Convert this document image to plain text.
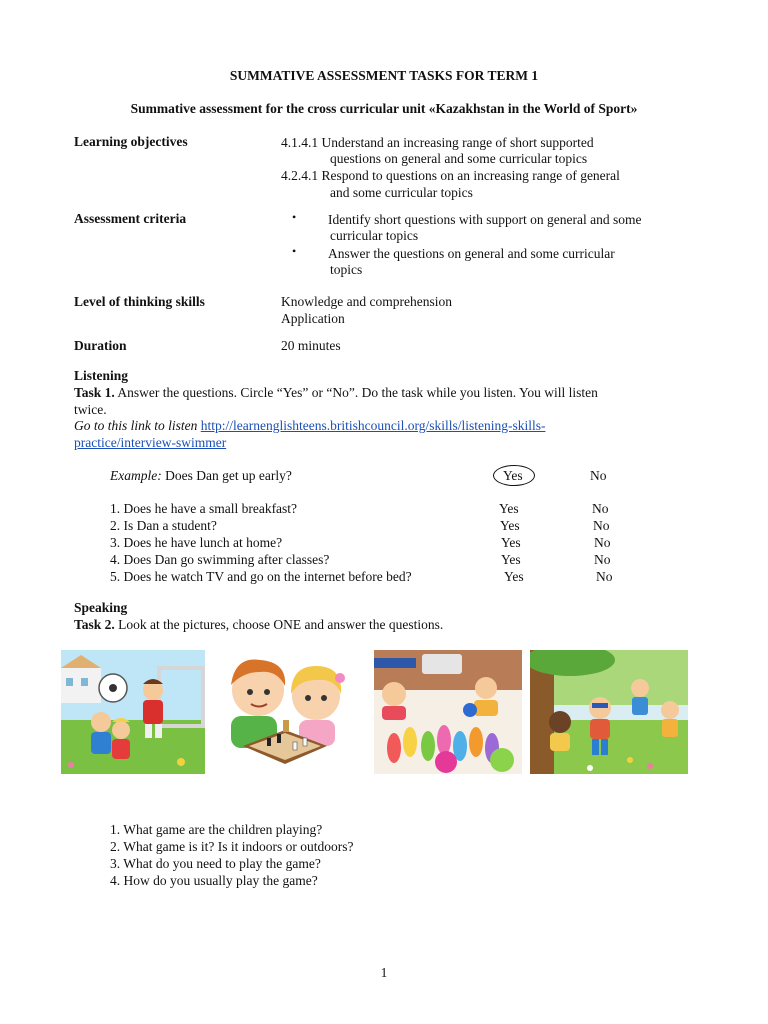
SUMMATIVE ASSESSMENT TASKS FOR TERM 1
Summative assessment for the cross curricular unit «Kazakhstan in the World of Sport»
Learning objectives	4.1.4.1 Understand an increasing range of short supported
questions on general and some curricular topics
4.2.4.1 Respond to questions on an increasing range of general
and some curricular topics
Assessment criteria	• Identify short questions with support on general and some
curricular topics
• Answer the questions on general and some curricular
topics
Level of thinking skills	Knowledge and comprehension
Application
Duration	20 minutes
Listening
Task 1. Answer the questions. Circle “Yes” or “No”. Do the task while you listen. You will listen
twice.
Go to this link to listen http://learnenglishteens.britishcouncil.org/skills/listening-skills-
practice/interview-swimmer
Example: Does Dan get up early?	Yes	No
1. Does he have a small breakfast?	Yes	No
2. Is Dan a student?	Yes	No
3. Does he have lunch at home?	Yes	No
4. Does Dan go swimming after classes?	Yes	No
5. Does he watch TV and go on the internet before bed?	Yes	No
Speaking
Task 2. Look at the pictures, choose ONE and answer the questions.
1. What game are the children playing?
2. What game is it? Is it indoors or outdoors?
3. What do you need to play the game?
4. How do you usually play the game?
1
